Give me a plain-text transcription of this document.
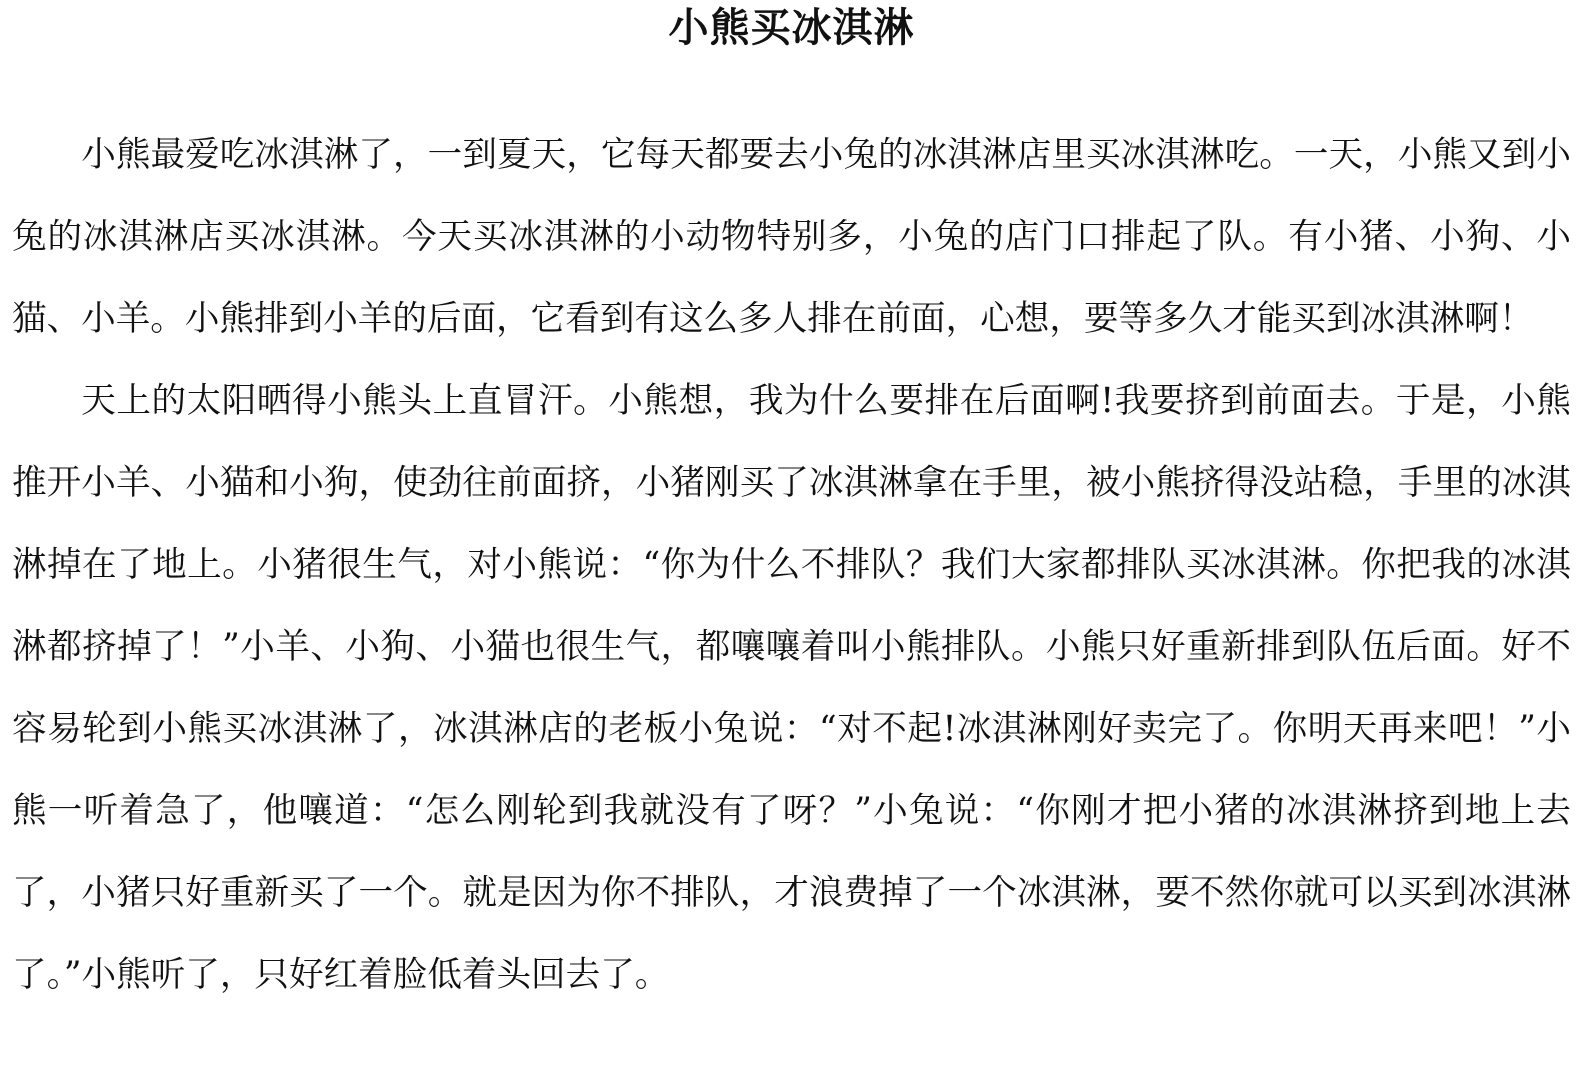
小熊买冰淇淋

小熊最爱吃冰淇淋了，一到夏天，它每天都要去小兔的冰淇淋店里买冰淇淋吃。一天，小熊又到小兔的冰淇淋店买冰淇淋。今天买冰淇淋的小动物特别多，小兔的店门口排起了队。有小猪、小狗、小猫、小羊。小熊排到小羊的后面，它看到有这么多人排在前面，心想，要等多久才能买到冰淇淋啊！

天上的太阳晒得小熊头上直冒汗。小熊想，我为什么要排在后面啊!我要挤到前面去。于是，小熊推开小羊、小猫和小狗，使劲往前面挤，小猪刚买了冰淇淋拿在手里，被小熊挤得没站稳，手里的冰淇淋掉在了地上。小猪很生气，对小熊说：“你为什么不排队？我们大家都排队买冰淇淋。你把我的冰淇淋都挤掉了！”小羊、小狗、小猫也很生气，都嚷嚷着叫小熊排队。小熊只好重新排到队伍后面。好不容易轮到小熊买冰淇淋了，冰淇淋店的老板小兔说：“对不起!冰淇淋刚好卖完了。你明天再来吧！”小熊一听着急了，他嚷道：“怎么刚轮到我就没有了呀？”小兔说：“你刚才把小猪的冰淇淋挤到地上去了，小猪只好重新买了一个。就是因为你不排队，才浪费掉了一个冰淇淋，要不然你就可以买到冰淇淋了。”小熊听了，只好红着脸低着头回去了。
